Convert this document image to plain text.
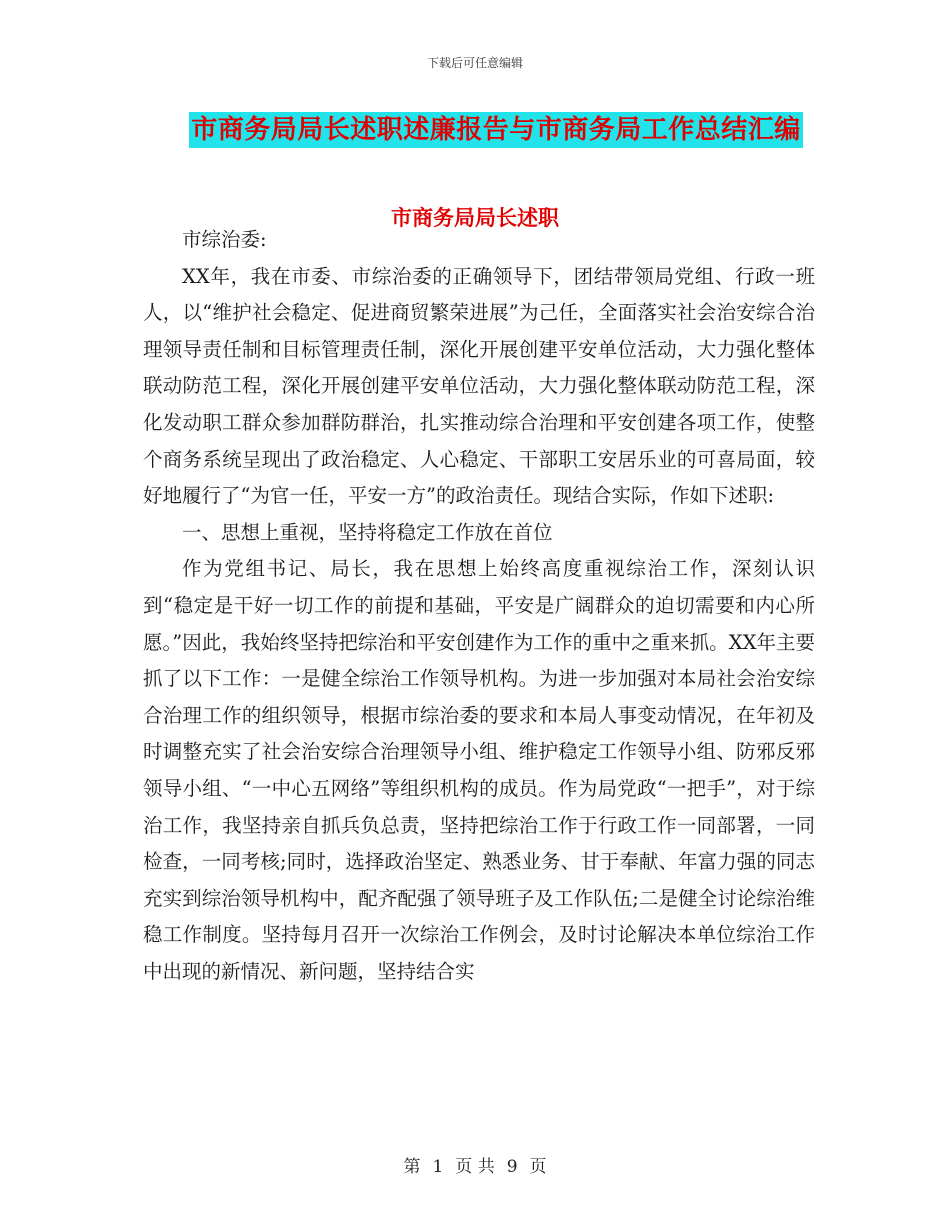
下载后可任意编辑
市商务局局长述职述廉报告与市商务局工作总结汇编
市商务局局长述职

市综治委:

XX年，我在市委、市综治委的正确领导下，团结带领局党组、行政一班人，以“维护社会稳定、促进商贸繁荣进展”为己任，全面落实社会治安综合治理领导责任制和目标管理责任制，深化开展创建平安单位活动，大力强化整体联动防范工程，深化开展创建平安单位活动，大力强化整体联动防范工程，深化发动职工群众参加群防群治，扎实推动综合治理和平安创建各项工作，使整个商务系统呈现出了政治稳定、人心稳定、干部职工安居乐业的可喜局面，较好地履行了“为官一任，平安一方”的政治责任。现结合实际，作如下述职:

一、思想上重视，坚持将稳定工作放在首位

作为党组书记、局长，我在思想上始终高度重视综治工作，深刻认识到“稳定是干好一切工作的前提和基础，平安是广阔群众的迫切需要和内心所愿。”因此，我始终坚持把综治和平安创建作为工作的重中之重来抓。XX年主要抓了以下工作：一是健全综治工作领导机构。为进一步加强对本局社会治安综合治理工作的组织领导，根据市综治委的要求和本局人事变动情况，在年初及时调整充实了社会治安综合治理领导小组、维护稳定工作领导小组、防邪反邪领导小组、“一中心五网络”等组织机构的成员。作为局党政“一把手”，对于综治工作，我坚持亲自抓兵负总责，坚持把综治工作于行政工作一同部署，一同检查，一同考核;同时，选择政治坚定、熟悉业务、甘于奉献、年富力强的同志充实到综治领导机构中，配齐配强了领导班子及工作队伍;二是健全讨论综治维稳工作制度。坚持每月召开一次综治工作例会，及时讨论解决本单位综治工作中出现的新情况、新问题，坚持结合实

第 1 页 共 9 页
